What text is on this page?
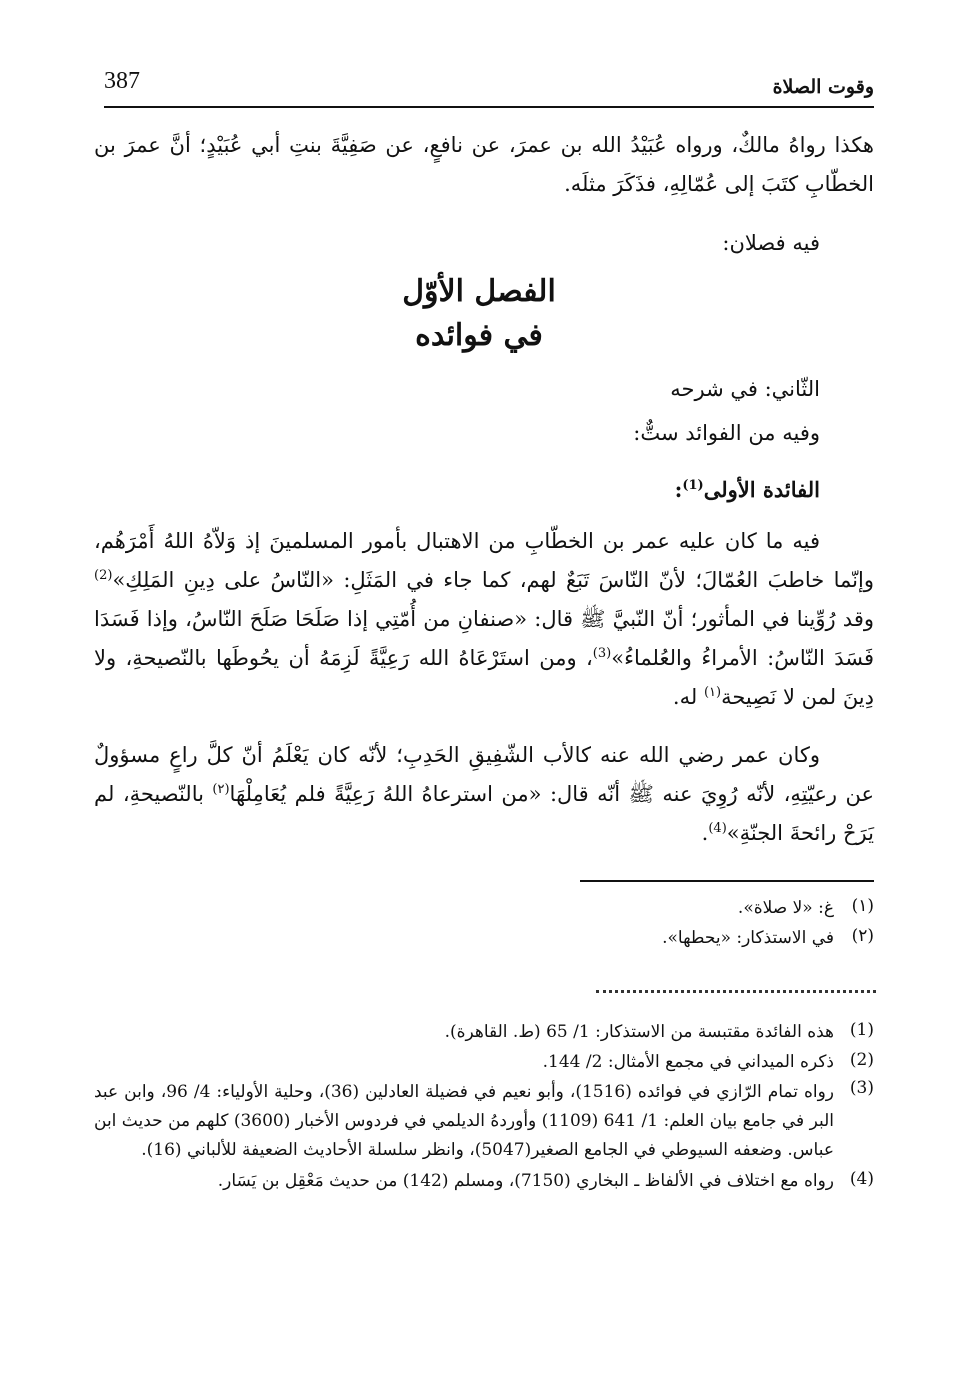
387	وقوت الصلاة

هكذا رواهُ مالكٌ، ورواه عُبَيْدُ الله بن عمرَ، عن نافعٍ، عن صَفِيَّةَ بنتِ أبي عُبَيْدٍ؛ أنَّ عمرَ بن الخطّابِ كتَبَ إلى عُمّالِهِ، فذَكَرَ مثلَه.

فيه فصلان:

الفصل الأوّل
في فوائده

الثّاني: في شرحه

وفيه من الفوائد ستٌّ:

الفائدة الأولى$^{(1)}$:

فيه ما كان عليه عمر بن الخطّابِ من الاهتبال بأمور المسلمينَ إذ وَلاّهُ اللهُ أَمْرَهُم، وإنّما خاطبَ العُمّالَ؛ لأنّ النّاسَ تَبَعٌ لهم، كما جاء في المَثَلِ: «النّاسُ على دِينِ المَلِكِ»$^{(2)}$ وقد رُوِّينا في المأثور؛ أنّ النّبيَّ ﷺ قال: «صنفانِ من أُمّتِي إذا صَلَحَا صَلَحَ النّاسُ، وإذا فَسَدَا فَسَدَ النّاسُ: الأمراءُ والعُلماءُ»$^{(3)}$، ومن استَرْعَاهُ الله رَعِيَّةً لَزِمَهُ أن يحُوطَها بالنّصيحةِ، ولا دِينَ لمن لا نَصِيحة$^{(١)}$ له.

وكان عمر رضي الله عنه كالأب الشّفِيقِ الحَدِبِ؛ لأنّه كان يَعْلَمُ أنّ كلَّ راعٍ مسؤولٌ عن رعيّتِهِ، لأنّه رُوِيَ عنه ﷺ أنّه قال: «من استرعاهُ اللهُ رَعِيَّةً فلم يُعَامِلْهَا$^{(٢)}$ بالنّصيحةِ، لم يَرَحْ رائحةَ الجنّةِ»$^{(4)}$.

(١)
غ: «لا صلاة».
(٢)
في الاستذكار: «يحطها».
(1)
هذه الفائدة مقتبسة من الاستذكار: 1/ 65 (ط. القاهرة).
(2)
ذكره الميداني في مجمع الأمثال: 2/ 144.
(3)
رواه تمام الرّازي في فوائده (1516)، وأبو نعيم في فضيلة العادلين (36)، وحلية الأولياء: 4/ 96، وابن عبد البر في جامع بيان العلم: 1/ 641 (1109) وأوردهُ الديلمي في فردوس الأخبار (3600) كلهم من حديث ابن عباس. وضعفه السيوطي في الجامع الصغير(5047)، وانظر سلسلة الأحاديث الضعيفة للألباني (16).
(4)
رواه مع اختلاف في الألفاظ ـ البخاري (7150)، ومسلم (142) من حديث مَعْقِل بن يَسَار.
